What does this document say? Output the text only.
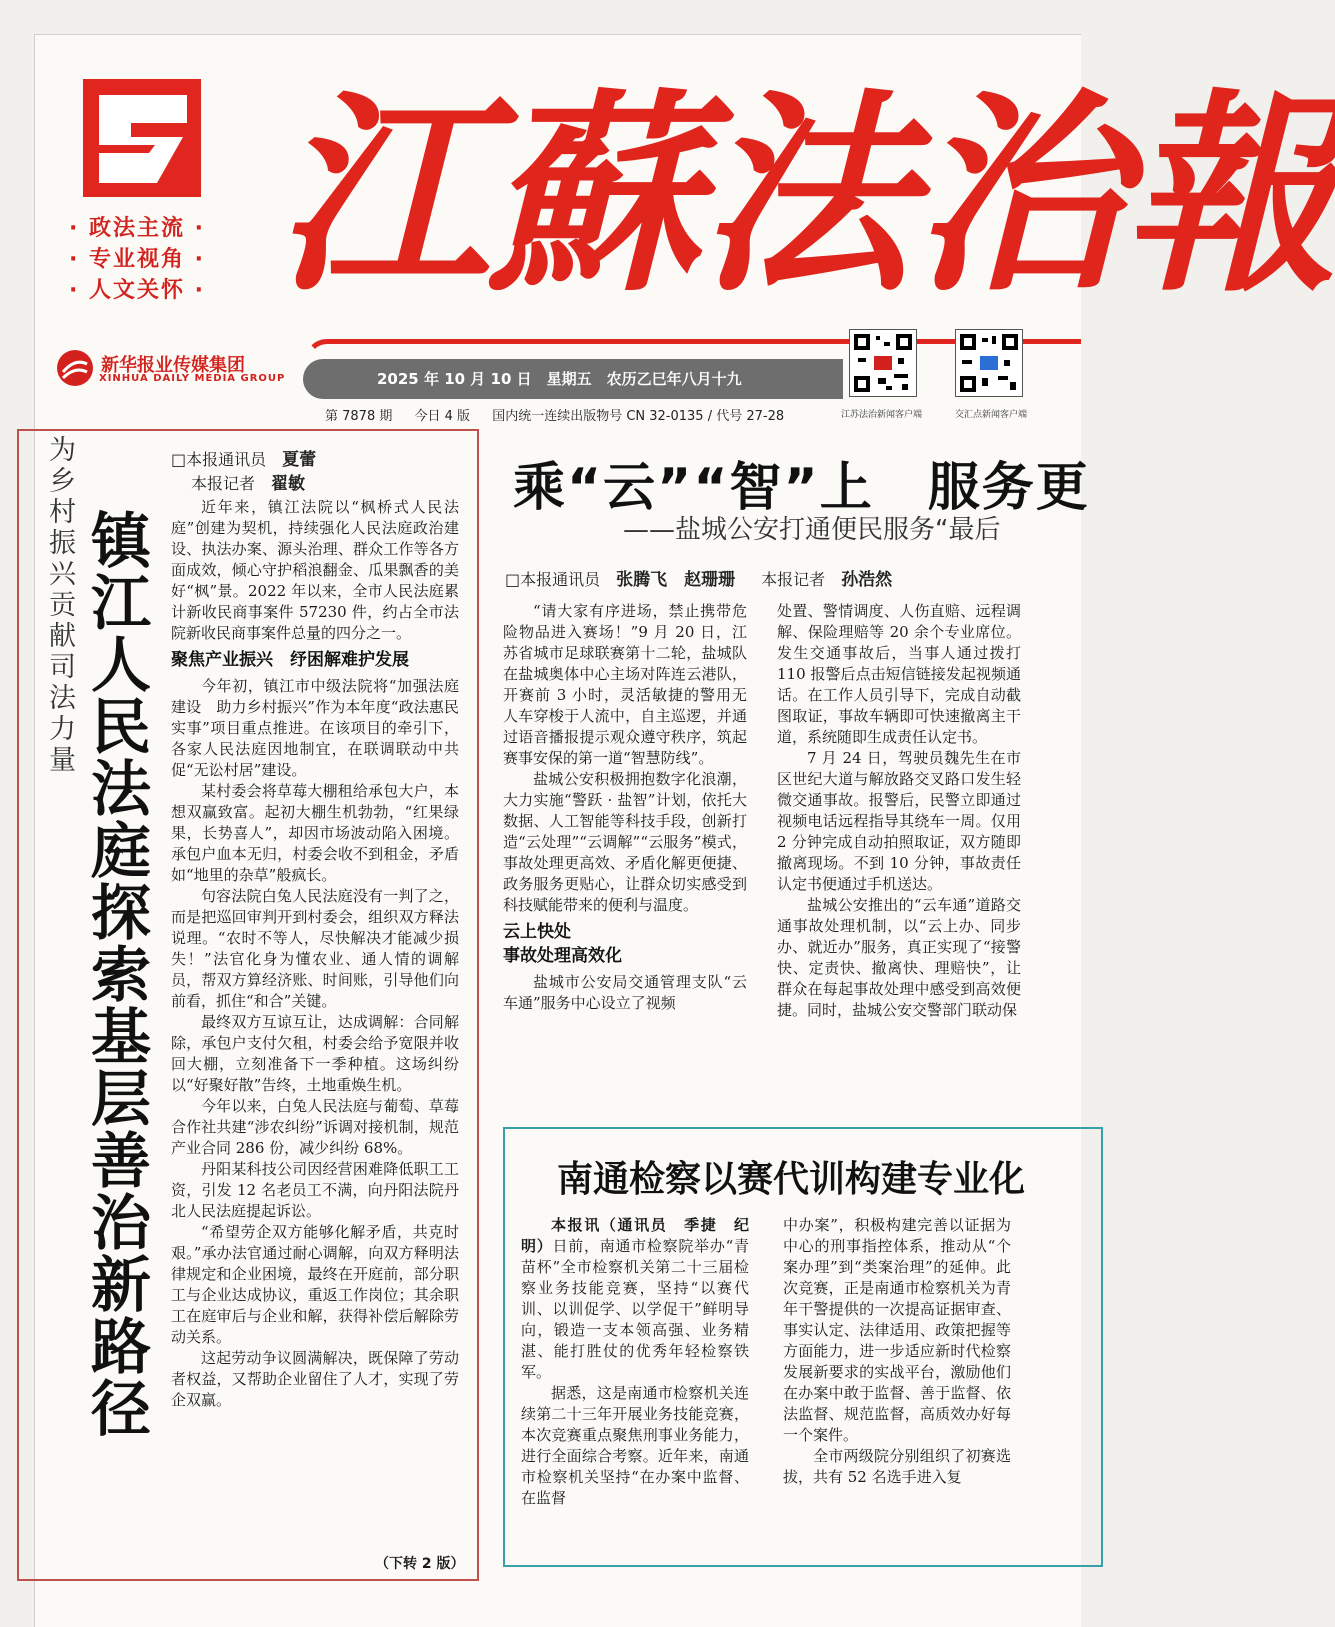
· 政法主流 ·
· 专业视角 ·
· 人文关怀 · 江蘇法治報
新华报业传媒集团
XINHUA DAILY MEDIA GROUP	2025 年 10 月 10 日　星期五　农历乙巳年八月十九
江苏法治新闻客户端	交汇点新闻客户端
第 7878 期 今日 4 版 国内统一连续出版物号 CN 32-0135 / 代号 27-28
为乡村振兴贡献司法力量
镇江人民法庭探索基层善治新路径
□本报通讯员　 夏蕾
本报记者　 翟敏

近年来，镇江法院以“枫桥式人民法庭”创建为契机，持续强化人民法庭政治建设、执法办案、源头治理、群众工作等各方面成效，倾心守护稻浪翻金、瓜果飘香的美好“枫”景。2022 年以来，全市人民法庭累计新收民商事案件 57230 件，约占全市法院新收民商事案件总量的四分之一。

聚焦产业振兴　纾困解难护发展

今年初，镇江市中级法院将“加强法庭建设　助力乡村振兴”作为本年度“政法惠民实事”项目重点推进。在该项目的牵引下，各家人民法庭因地制宜，在联调联动中共促“无讼村居”建设。

某村委会将草莓大棚租给承包大户，本想双赢致富。起初大棚生机勃勃，“红果绿果，长势喜人”，却因市场波动陷入困境。承包户血本无归，村委会收不到租金，矛盾如“地里的杂草”般疯长。

句容法院白兔人民法庭没有一判了之，而是把巡回审判开到村委会，组织双方释法说理。“农时不等人，尽快解决才能减少损失！”法官化身为懂农业、通人情的调解员，帮双方算经济账、时间账，引导他们向前看，抓住“和合”关键。

最终双方互谅互让，达成调解：合同解除，承包户支付欠租，村委会给予宽限并收回大棚，立刻准备下一季种植。这场纠纷以“好聚好散”告终，土地重焕生机。

今年以来，白兔人民法庭与葡萄、草莓合作社共建“涉农纠纷”诉调对接机制，规范产业合同 286 份，减少纠纷 68%。

丹阳某科技公司因经营困难降低职工工资，引发 12 名老员工不满，向丹阳法院丹北人民法庭提起诉讼。

“希望劳企双方能够化解矛盾，共克时艰。”承办法官通过耐心调解，向双方释明法律规定和企业困境，最终在开庭前，部分职工与企业达成协议，重返工作岗位；其余职工在庭审后与企业和解，获得补偿后解除劳动关系。

这起劳动争议圆满解决，既保障了劳动者权益，又帮助企业留住了人才，实现了劳企双赢。

（下转 2 版）
乘“云”“智”上　服务更
——盐城公安打通便民服务“最后
□本报通讯员　 张腾飞　赵珊珊　 本报记者　 孙浩然

“请大家有序进场，禁止携带危险物品进入赛场！”9 月 20 日，江苏省城市足球联赛第十二轮，盐城队在盐城奥体中心主场对阵连云港队，开赛前 3 小时，灵活敏捷的警用无人车穿梭于人流中，自主巡逻，并通过语音播报提示观众遵守秩序，筑起赛事安保的第一道“智慧防线”。

盐城公安积极拥抱数字化浪潮，大力实施“警跃 · 盐智”计划，依托大数据、人工智能等科技手段，创新打造“云处理”“云调解”“云服务”模式，事故处理更高效、矛盾化解更便捷、政务服务更贴心，让群众切实感受到科技赋能带来的便利与温度。

云上快处
事故处理高效化

盐城市公安局交通管理支队“云车通”服务中心设立了视频

处置、警情调度、人伤直赔、远程调解、保险理赔等 20 余个专业席位。发生交通事故后，当事人通过拨打 110 报警后点击短信链接发起视频通话。在工作人员引导下，完成自动截图取证，事故车辆即可快速撤离主干道，系统随即生成责任认定书。

7 月 24 日，驾驶员魏先生在市区世纪大道与解放路交叉路口发生轻微交通事故。报警后，民警立即通过视频电话远程指导其绕车一周。仅用 2 分钟完成自动拍照取证，双方随即撤离现场。不到 10 分钟，事故责任认定书便通过手机送达。

盐城公安推出的“云车通”道路交通事故处理机制，以“云上办、同步办、就近办”服务，真正实现了“接警快、定责快、撤离快、理赔快”，让群众在每起事故处理中感受到高效便捷。同时，盐城公安交警部门联动保

南通检察以赛代训构建专业化

本报讯（通讯员　季捷　纪明）日前，南通市检察院举办“青苗杯”全市检察机关第二十三届检察业务技能竞赛，坚持“以赛代训、以训促学、以学促干”鲜明导向，锻造一支本领高强、业务精湛、能打胜仗的优秀年轻检察铁军。

据悉，这是南通市检察机关连续第二十三年开展业务技能竞赛，本次竞赛重点聚焦刑事业务能力，进行全面综合考察。近年来，南通市检察机关坚持“在办案中监督、在监督

中办案”，积极构建完善以证据为中心的刑事指控体系，推动从“个案办理”到“类案治理”的延伸。此次竞赛，正是南通市检察机关为青年干警提供的一次提高证据审查、事实认定、法律适用、政策把握等方面能力，进一步适应新时代检察发展新要求的实战平台，激励他们在办案中敢于监督、善于监督、依法监督、规范监督，高质效办好每一个案件。

全市两级院分别组织了初赛选拔，共有 52 名选手进入复
